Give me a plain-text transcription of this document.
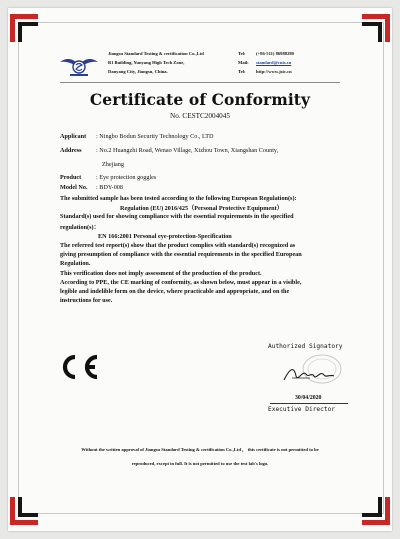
Jiangsu Standard Testing & certification Co.,Ltd
B1 Building, Yunyang High Tech Zone,
Danyang City, Jiangsu, China.
Tel: (+86-511) 86988280
Mail: standard@cnis.cn
Tel: http://www.jstc.cn
Certificate of Conformity
No. CESTC2004045
Applicant : Ningbo Bodun Security Technology Co., LTD
Address : No.2 Huangzhi Road, Wenao Village, Xizhou Town, Xiangshan County,
Zhejiang
Product : Eye protection goggles
Model No. : BDY-008
The submitted sample has been tested according to the following European Regulation(s):
Regulation (EU) 2016/425（Personal Protective Equipment）
Standard(s) used for showing compliance with the essential requirements in the specified
regulation(s)：
EN 166:2001 Personal eye-protection-Specification
The referred test report(s) show that the product complies with standard(s) recognized as
giving presumption of compliance with the essential requirements in the specified European
Regulation.
This verification does not imply assessment of the production of the product.
According to PPE, the CE marking of conformity, as shown below, must appear in a visible,
legible and indelible form on the device, where practicable and appropriate, and on the
instructions for use.
Authorized Signatory
30/04/2020
Executive Director
Without the written approval of Jiangsu Standard Testing & certification Co.,Ltd ， this certificate is not permitted to be
reproduced, except in full. It is not permitted to use the test lab's logo.
